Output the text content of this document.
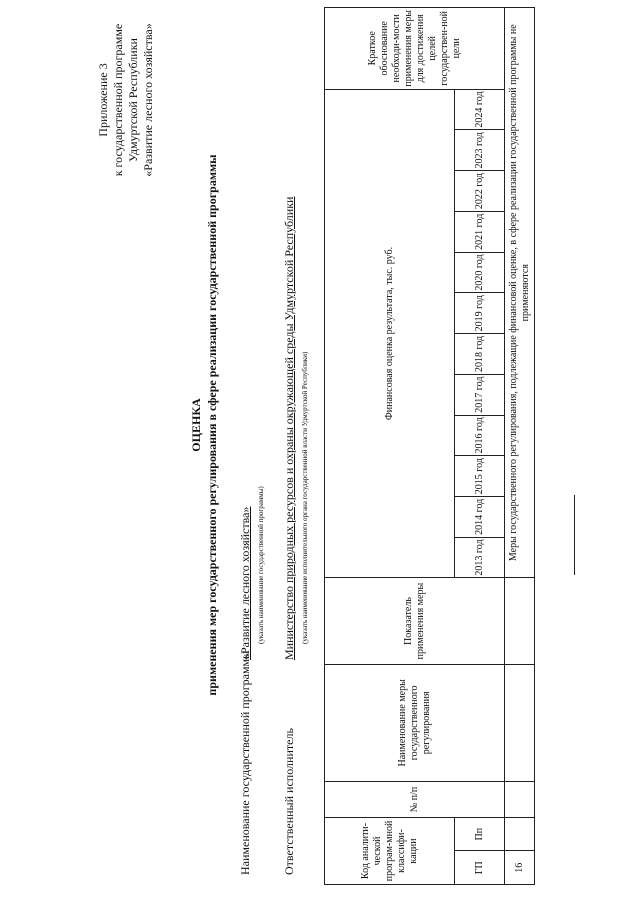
Приложение 3 к государственной программе Удмуртской Республики «Развитие лесного хозяйства»
ОЦЕНКА применения мер государственного регулирования в сфере реализации государственной программы
Наименование государственной программы
«Развитие лесного хозяйства» (указать наименование государственной программы)
Ответственный исполнитель
Министерство природных ресурсов и охраны окружающей среды Удмуртской Республики (указать наименование исполнительного органа государственной власти Удмуртской Республики)
Код аналити-ческой програм-мной классифи-кации		№ п/п	Наименование меры государственного регулирования	Показатель применения меры	Финансовая оценка результата, тыс. руб.												Краткое обоснование необходи-мости применения меры для достижения целей государствен-ной цели
ГП	Пп				2013 год	2014 год	2015 год	2016 год	2017 год	2018 год	2019 год	2020 год	2021 год	2022 год	2023 год	2024 год	
16					Меры государственного регулирования, подлежащие финансовой оценке, в сфере реализации государственной программы не применяются												
